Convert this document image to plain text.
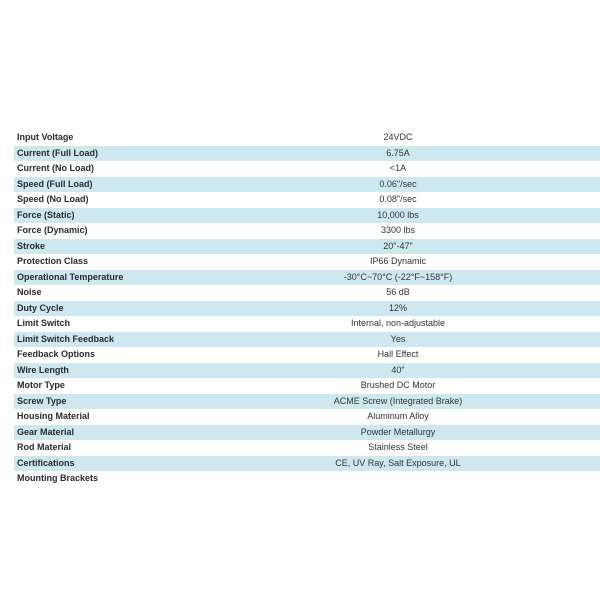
Input Voltage	24VDC
Current (Full Load)	6.75A
Current (No Load)	<1A
Speed (Full Load)	0.06"/sec
Speed (No Load)	0.08"/sec
Force (Static)	10,000 lbs
Force (Dynamic)	3300 lbs
Stroke	20"-47"
Protection Class	IP66 Dynamic
Operational Temperature	-30°C~70°C (-22°F~158°F)
Noise	56 dB
Duty Cycle	12%
Limit Switch	Internal, non-adjustable
Limit Switch Feedback	Yes
Feedback Options	Hall Effect
Wire Length	40"
Motor Type	Brushed DC Motor
Screw Type	ACME Screw (Integrated Brake)
Housing Material	Aluminum Alloy
Gear Material	Powder Metallurgy
Rod Material	Stainless Steel
Certifications	CE, UV Ray, Salt Exposure, UL
Mounting Brackets	
